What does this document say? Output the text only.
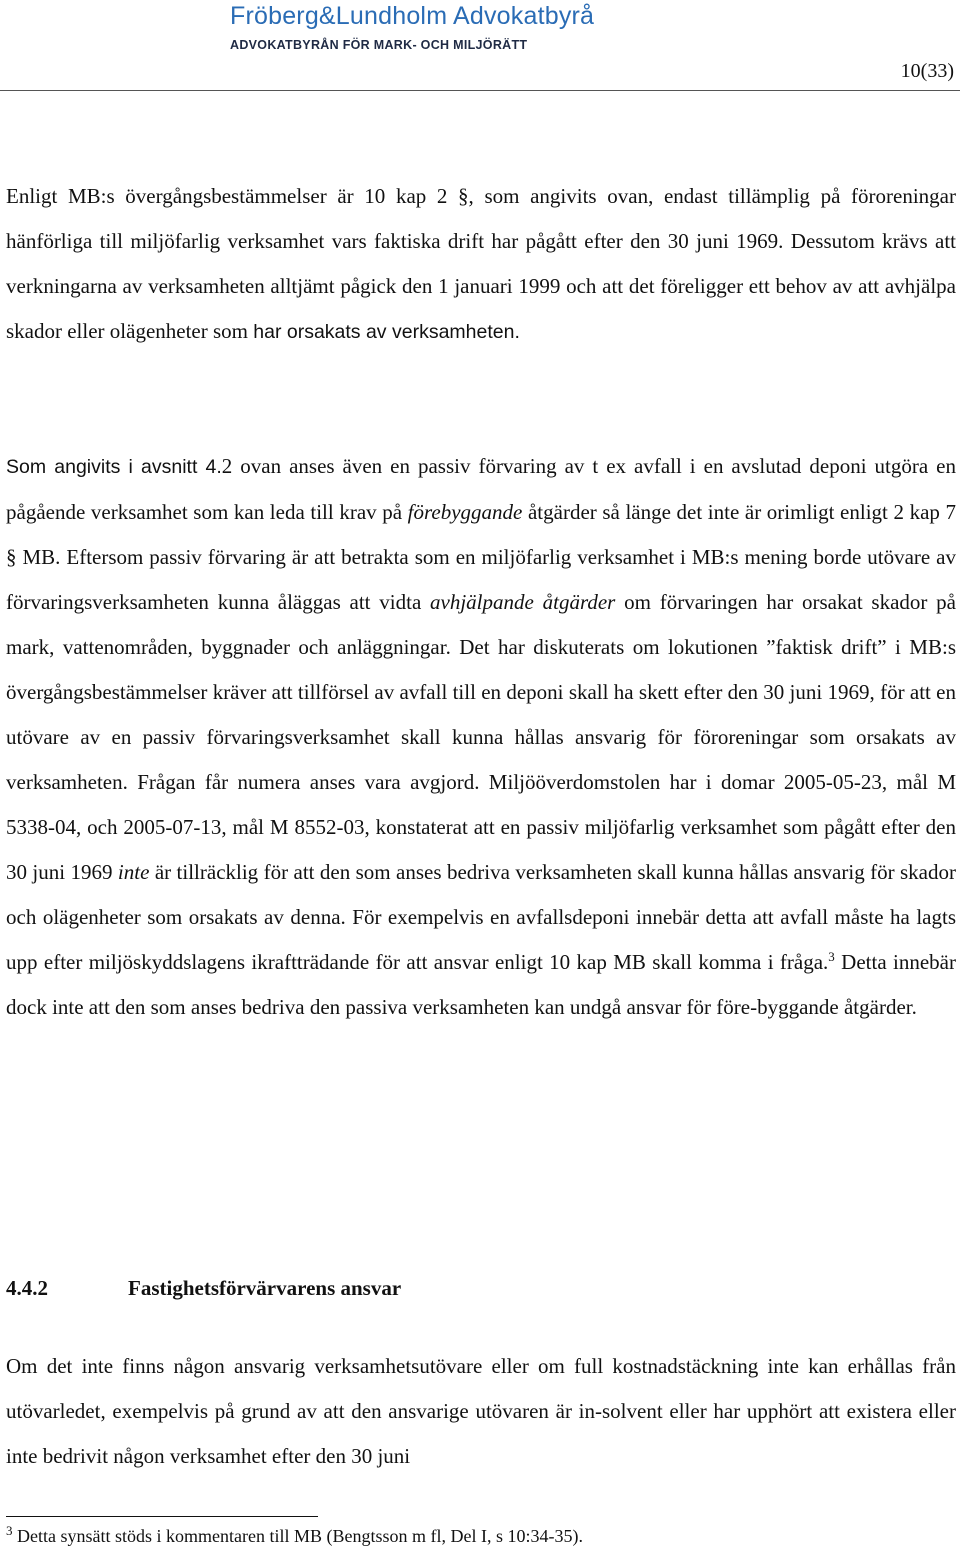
Fröberg&Lundholm Advokatbyrå
ADVOKATBYRÅN FÖR MARK- OCH MILJÖRÄTT
10(33)

Enligt MB:s övergångsbestämmelser är 10 kap 2 §, som angivits ovan, endast tillämplig på föroreningar hänförliga till miljöfarlig verksamhet vars faktiska drift har pågått efter den 30 juni 1969. Dessutom krävs att verkningarna av verksamheten alltjämt pågick den 1 januari 1999 och att det föreligger ett behov av att avhjälpa skador eller olägenheter som har orsakats av verksamheten.

Som angivits i avsnitt 4.2 ovan anses även en passiv förvaring av t ex avfall i en avslutad deponi utgöra en pågående verksamhet som kan leda till krav på förebyggande åtgärder så länge det inte är orimligt enligt 2 kap 7 § MB. Eftersom passiv förvaring är att betrakta som en miljöfarlig verksamhet i MB:s mening borde utövare av förvaringsverksamheten kunna åläggas att vidta avhjälpande åtgärder om förvaringen har orsakat skador på mark, vattenområden, byggnader och anläggningar. Det har diskuterats om lokutionen ”faktisk drift” i MB:s övergångsbestämmelser kräver att tillförsel av avfall till en deponi skall ha skett efter den 30 juni 1969, för att en utövare av en passiv förvaringsverksamhet skall kunna hållas ansvarig för föroreningar som orsakats av verksamheten. Frågan får numera anses vara avgjord. Miljööverdomstolen har i domar 2005-05-23, mål M 5338-04, och 2005-07-13, mål M 8552-03, konstaterat att en passiv miljöfarlig verksamhet som pågått efter den 30 juni 1969 inte är tillräcklig för att den som anses bedriva verksamheten skall kunna hållas ansvarig för skador och olägenheter som orsakats av denna. För exempelvis en avfallsdeponi innebär detta att avfall måste ha lagts upp efter miljöskyddslagens ikraftträdande för att ansvar enligt 10 kap MB skall komma i fråga.$^3$ Detta innebär dock inte att den som anses bedriva den passiva verksamheten kan undgå ansvar för före-byggande åtgärder.

4.4.2	Fastighetsförvärvarens ansvar

Om det inte finns någon ansvarig verksamhetsutövare eller om full kostnadstäckning inte kan erhållas från utövarledet, exempelvis på grund av att den ansvarige utövaren är in-solvent eller har upphört att existera eller inte bedrivit någon verksamhet efter den 30 juni

$^3$ Detta synsätt stöds i kommentaren till MB (Bengtsson m fl, Del I, s 10:34-35).
